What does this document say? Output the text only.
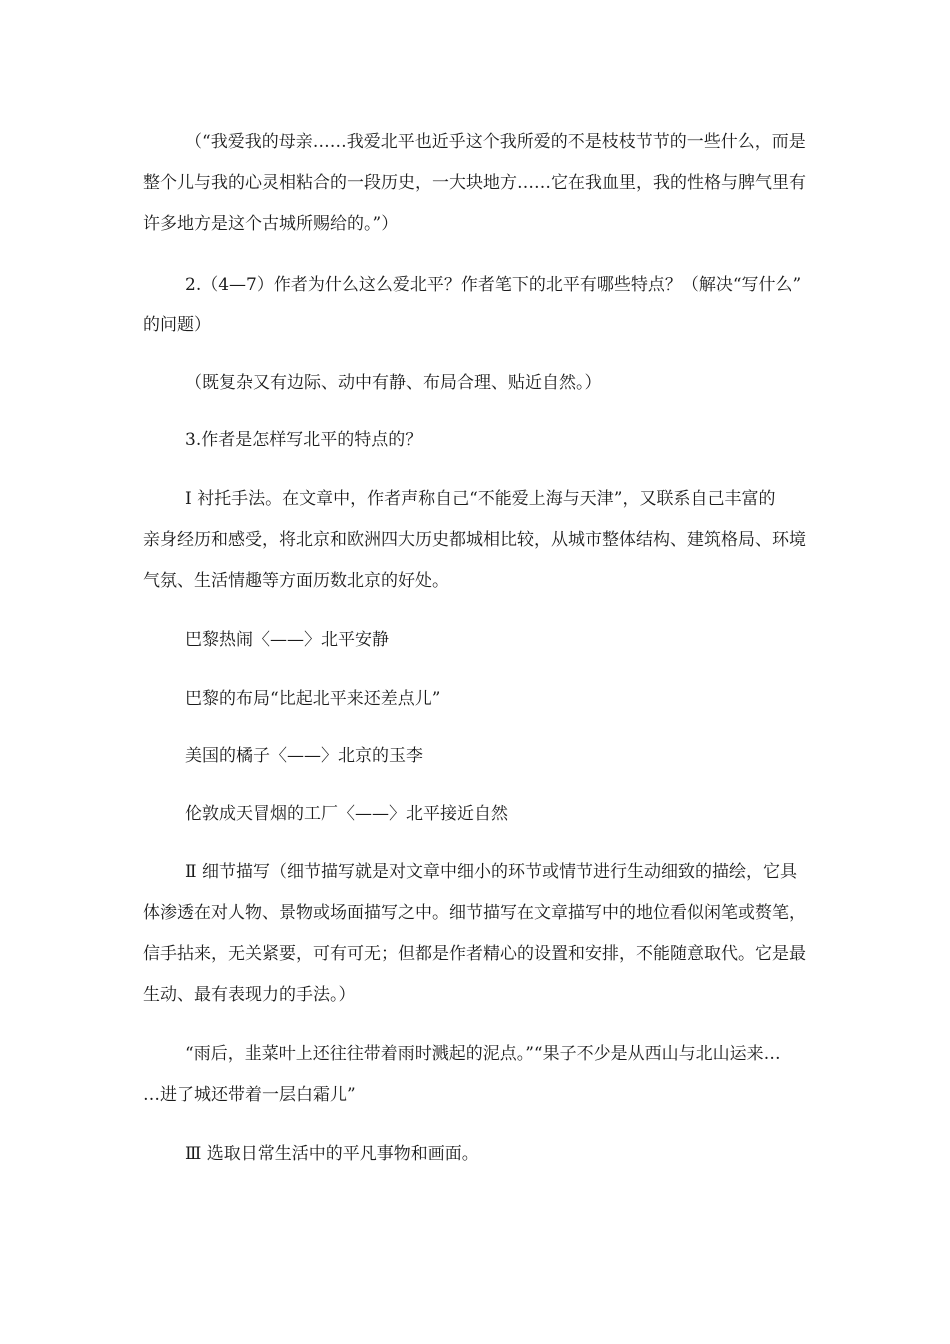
（“我爱我的母亲……我爱北平也近乎这个我所爱的不是枝枝节节的一些什么，而是
整个儿与我的心灵相粘合的一段历史，一大块地方……它在我血里，我的性格与脾气里有
许多地方是这个古城所赐给的。”）
2.（4—7）作者为什么这么爱北平？作者笔下的北平有哪些特点？（解决“写什么”
的问题）
（既复杂又有边际、动中有静、布局合理、贴近自然。）
3.作者是怎样写北平的特点的？
Ⅰ 衬托手法。在文章中，作者声称自己“不能爱上海与天津”，又联系自己丰富的
亲身经历和感受，将北京和欧洲四大历史都城相比较，从城市整体结构、建筑格局、环境
气氛、生活情趣等方面历数北京的好处。
巴黎热闹〈——〉北平安静
巴黎的布局“比起北平来还差点儿”
美国的橘子〈——〉北京的玉李
伦敦成天冒烟的工厂〈——〉北平接近自然
Ⅱ 细节描写（细节描写就是对文章中细小的环节或情节进行生动细致的描绘，它具
体渗透在对人物、景物或场面描写之中。细节描写在文章描写中的地位看似闲笔或赘笔，
信手拈来，无关紧要，可有可无；但都是作者精心的设置和安排，不能随意取代。它是最
生动、最有表现力的手法。）
“雨后，韭菜叶上还往往带着雨时溅起的泥点。”“果子不少是从西山与北山运来…
…进了城还带着一层白霜儿”
Ⅲ 选取日常生活中的平凡事物和画面。
